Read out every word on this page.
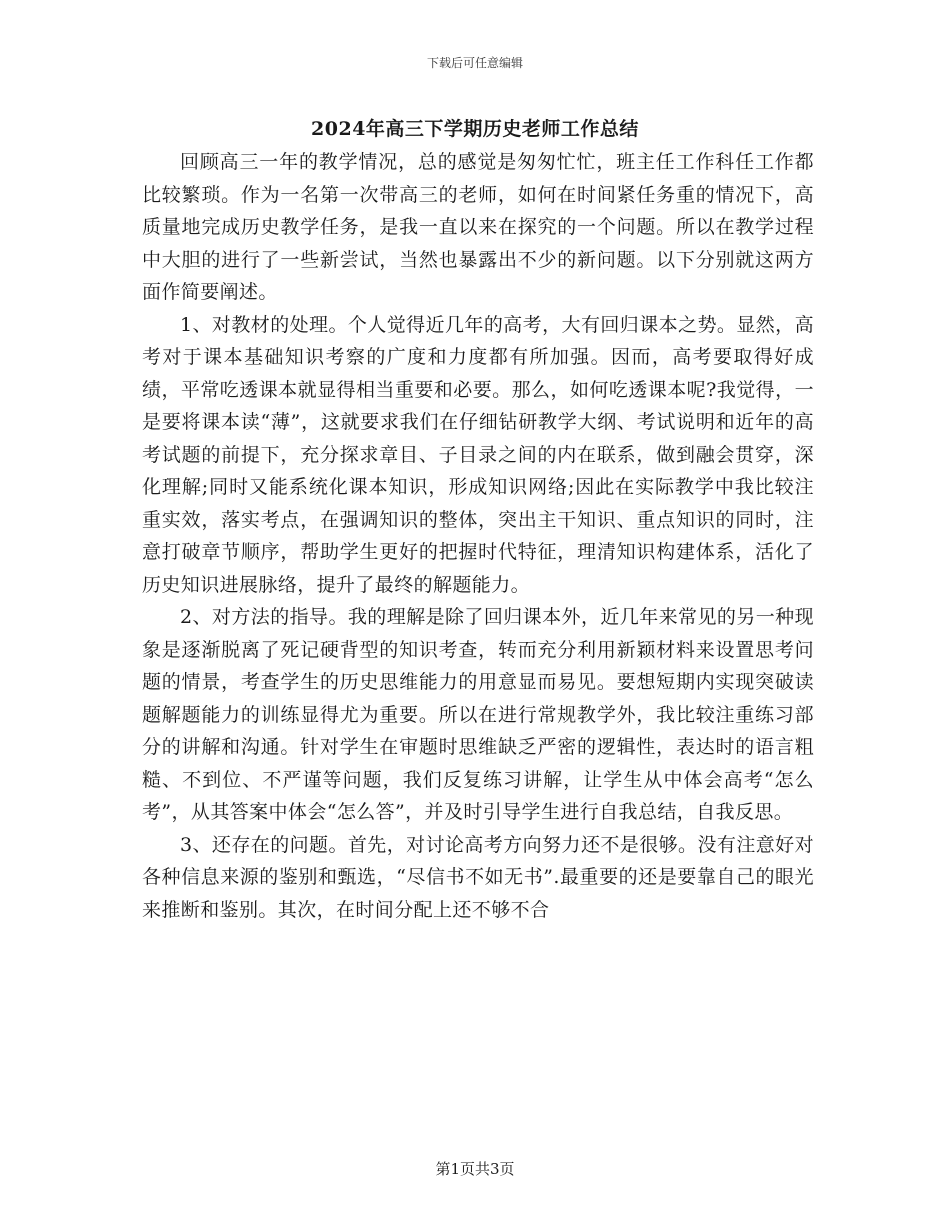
下载后可任意编辑
2024年高三下学期历史老师工作总结

回顾高三一年的教学情况，总的感觉是匆匆忙忙，班主任工作科任工作都比较繁琐。作为一名第一次带高三的老师，如何在时间紧任务重的情况下，高质量地完成历史教学任务，是我一直以来在探究的一个问题。所以在教学过程中大胆的进行了一些新尝试，当然也暴露出不少的新问题。以下分别就这两方面作简要阐述。

1、对教材的处理。个人觉得近几年的高考，大有回归课本之势。显然，高考对于课本基础知识考察的广度和力度都有所加强。因而，高考要取得好成绩，平常吃透课本就显得相当重要和必要。那么，如何吃透课本呢?我觉得，一是要将课本读“薄”，这就要求我们在仔细钻研教学大纲、考试说明和近年的高考试题的前提下，充分探求章目、子目录之间的内在联系，做到融会贯穿，深化理解;同时又能系统化课本知识，形成知识网络;因此在实际教学中我比较注重实效，落实考点，在强调知识的整体，突出主干知识、重点知识的同时，注意打破章节顺序，帮助学生更好的把握时代特征，理清知识构建体系，活化了历史知识进展脉络，提升了最终的解题能力。

2、对方法的指导。我的理解是除了回归课本外，近几年来常见的另一种现象是逐渐脱离了死记硬背型的知识考查，转而充分利用新颖材料来设置思考问题的情景，考查学生的历史思维能力的用意显而易见。要想短期内实现突破读题解题能力的训练显得尤为重要。所以在进行常规教学外，我比较注重练习部分的讲解和沟通。针对学生在审题时思维缺乏严密的逻辑性，表达时的语言粗糙、不到位、不严谨等问题，我们反复练习讲解，让学生从中体会高考“怎么考”，从其答案中体会“怎么答”，并及时引导学生进行自我总结，自我反思。

3、还存在的问题。首先，对讨论高考方向努力还不是很够。没有注意好对各种信息来源的鉴别和甄选，“尽信书不如无书”.最重要的还是要靠自己的眼光来推断和鉴别。其次，在时间分配上还不够不合

第1页共3页
